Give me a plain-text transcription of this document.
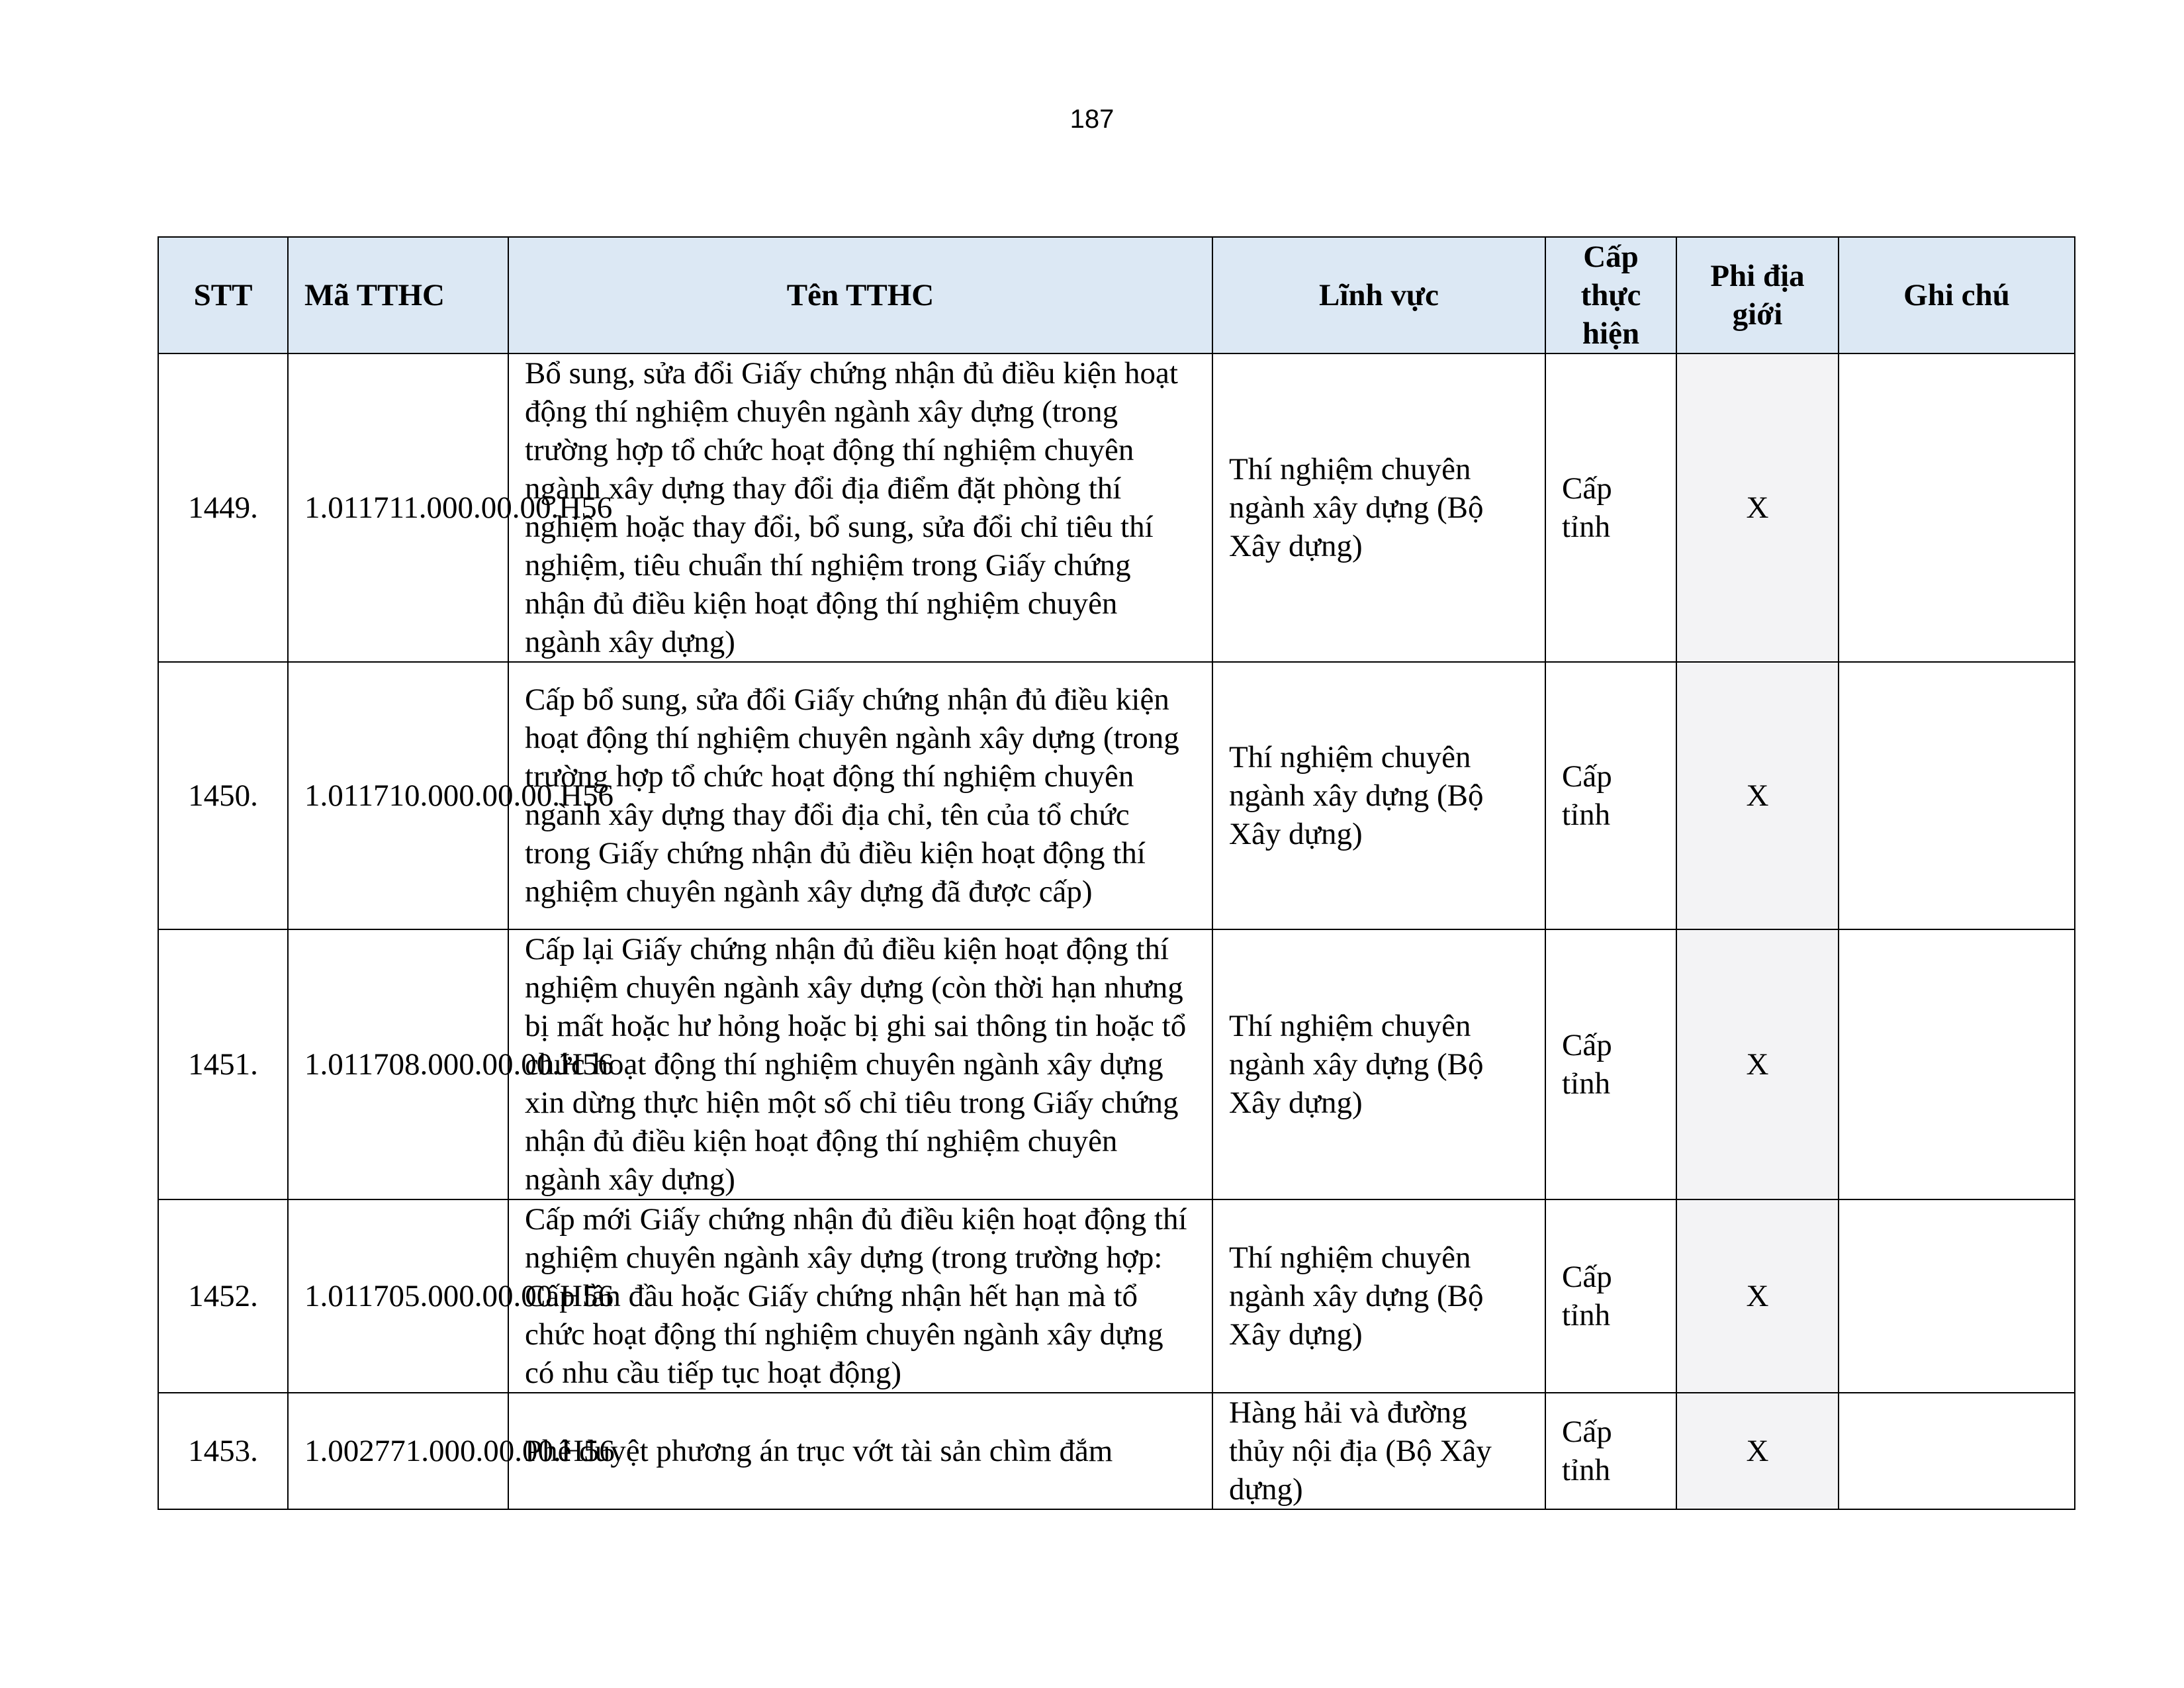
187
STT	Mã TTHC	Tên TTHC	Lĩnh vực	Cấp thực hiện	Phi địa giới	Ghi chú
1449.	1.011711.000.00.00.H56	Bổ sung, sửa đổi Giấy chứng nhận đủ điều kiện hoạt động thí nghiệm chuyên ngành xây dựng (trong trường hợp tổ chức hoạt động thí nghiệm chuyên ngành xây dựng thay đổi địa điểm đặt phòng thí nghiệm hoặc thay đổi, bổ sung, sửa đổi chỉ tiêu thí nghiệm, tiêu chuẩn thí nghiệm trong Giấy chứng nhận đủ điều kiện hoạt động thí nghiệm chuyên ngành xây dựng)	Thí nghiệm chuyên ngành xây dựng (Bộ Xây dựng)	Cấp tỉnh	X	
1450.	1.011710.000.00.00.H56	Cấp bổ sung, sửa đổi Giấy chứng nhận đủ điều kiện hoạt động thí nghiệm chuyên ngành xây dựng (trong trường hợp tổ chức hoạt động thí nghiệm chuyên ngành xây dựng thay đổi địa chỉ, tên của tổ chức trong Giấy chứng nhận đủ điều kiện hoạt động thí nghiệm chuyên ngành xây dựng đã được cấp)	Thí nghiệm chuyên ngành xây dựng (Bộ Xây dựng)	Cấp tỉnh	X	
1451.	1.011708.000.00.00.H56	Cấp lại Giấy chứng nhận đủ điều kiện hoạt động thí nghiệm chuyên ngành xây dựng (còn thời hạn nhưng bị mất hoặc hư hỏng hoặc bị ghi sai thông tin hoặc tổ chức hoạt động thí nghiệm chuyên ngành xây dựng xin dừng thực hiện một số chỉ tiêu trong Giấy chứng nhận đủ điều kiện hoạt động thí nghiệm chuyên ngành xây dựng)	Thí nghiệm chuyên ngành xây dựng (Bộ Xây dựng)	Cấp tỉnh	X	
1452.	1.011705.000.00.00.H56	Cấp mới Giấy chứng nhận đủ điều kiện hoạt động thí nghiệm chuyên ngành xây dựng (trong trường hợp: Cấp lần đầu hoặc Giấy chứng nhận hết hạn mà tổ chức hoạt động thí nghiệm chuyên ngành xây dựng có nhu cầu tiếp tục hoạt động)	Thí nghiệm chuyên ngành xây dựng (Bộ Xây dựng)	Cấp tỉnh	X	
1453.	1.002771.000.00.00.H56	Phê duyệt phương án trục vớt tài sản chìm đắm	Hàng hải và đường thủy nội địa (Bộ Xây dựng)	Cấp tỉnh	X	
